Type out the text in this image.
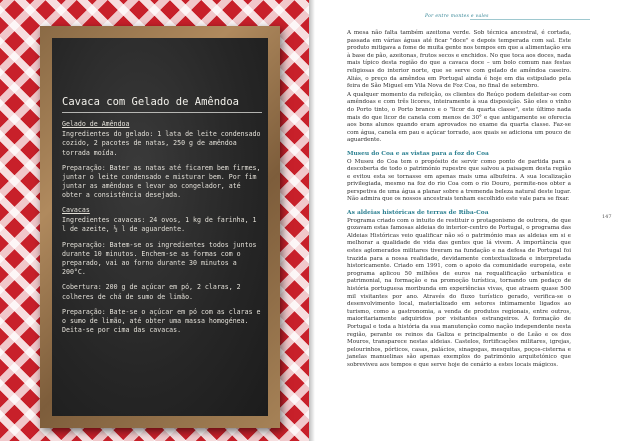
Cavaca com Gelado de Amêndoa
Gelado de Amêndoa

Ingredientes do gelado: 1 lata de leite condensado cozido, 2 pacotes de natas, 250 g de amêndoa torrada moída.

Preparação: Bater as natas até ficarem bem firmes, juntar o leite condensado e misturar bem. Por fim juntar as amêndoas e levar ao congelador, até obter a consistência desejada.

Cavacas

Ingredientes cavacas: 24 ovos, 1 kg de farinha, 1 l de azeite, ½ l de aguardente.

Preparação: Batem-se os ingredientes todos juntos durante 10 minutos. Enchem-se as formas com o preparado, vai ao forno durante 30 minutos a 200°C.

Cobertura: 200 g de açúcar em pó, 2 claras, 2 colheres de chá de sumo de limão.

Preparação: Bate-se o açúcar em pó com as claras e o sumo de limão, até obter uma massa homogénea. Deita-se por cima das cavacas.

Por entre montes e vales

A mesa não falta também azeitona verde. Sob técnica ancestral, é cortada, passada em várias águas até ficar "doce" e depois temperada com sal. Este produto mitigava a fome de muita gente nos tempos em que a alimentação era à base de pão, azeitonas, frutos secos e enchidos. No que toca aos doces, nada mais típico desta região do que a cavaca doce – um bolo comum nas festas religiosas do interior norte, que se serve com gelado de amêndoa caseiro. Aliás, o preço da amêndoa em Portugal ainda é hoje em dia estipulado pela feira de São Miguel em Vila Nova de Foz Coa, no final de setembro.

A qualquer momento da refeição, os clientes do Reúço podem deleitar-se com amêndoas e com três licores, inteiramente à sua disposição. São eles o vinho do Porto tinto, o Porto branco e o "licor da quarta classe", este último nada mais do que licor de canela com menos de 30° e que antigamente se oferecia aos bons alunos quando eram aprovados no exame da quarta classe. Faz-se com água, canela em pau e açúcar torrado, aos quais se adiciona um pouco de aguardente.

Museu do Coa e as vistas para a foz do Coa

O Museu do Coa tem o propósito de servir como ponto de partida para a descoberta de todo o património rupestre que salvou a paisagem desta região e evitou esta se tornasse em apenas mais uma albufeira. A sua localização privilegiada, mesmo na foz do rio Coa com o rio Douro, permite-nos obter a perspetiva de uma água a planar sobre a tremenda beleza natural deste lugar. Não admira que os nossos ancestrais tenham escolhido este vale para se fixar.

As aldeias históricas de terras de Riba-Coa

Programa criado com o intuito de restituir o protagonismo de outrora, de que gozavam estas famosas aldeias do interior-centro de Portugal, o programa das Aldeias Históricas veio qualificar não só o património mas as aldeias em si e melhorar a qualidade de vida das gentes que lá vivem. A importância que estes aglomerados militares tiveram na fundação e na defesa de Portugal foi trazida para a nossa realidade, devidamente contextualizada e interpretada historicamente. Criado em 1991, com o apoio da comunidade europeia, este programa aplicou 50 milhões de euros na requalificação urbanística e patrimonial, na formação e na promoção turística, tornando um pedaço de história portuguesa moribunda em experiências vivas, que atraem quase 500 mil visitantes por ano. Através do fluxo turístico gerado, verifica-se o desenvolvimento local, materializado em setores intimamente ligados ao turismo, como a gastronomia, a venda de produtos regionais, entre outros, maioritariamente adquiridos por visitantes estrangeiros. A formação de Portugal e toda a história da sua manutenção como nação independente nesta região, perante os reinos da Galiza e principalmente o de Leão e os dos Mouros, transparece nestas aldeias. Castelos, fortificações militares, igrejas, pelourinhos, pórticos, casas, palácios, sinagogas, mesquitas, poços-cisterna e janelas manuelinas são apenas exemplos do património arquitetónico que sobreviveu aos tempos e que serve hoje de cenário a estes locais mágicos.

147
